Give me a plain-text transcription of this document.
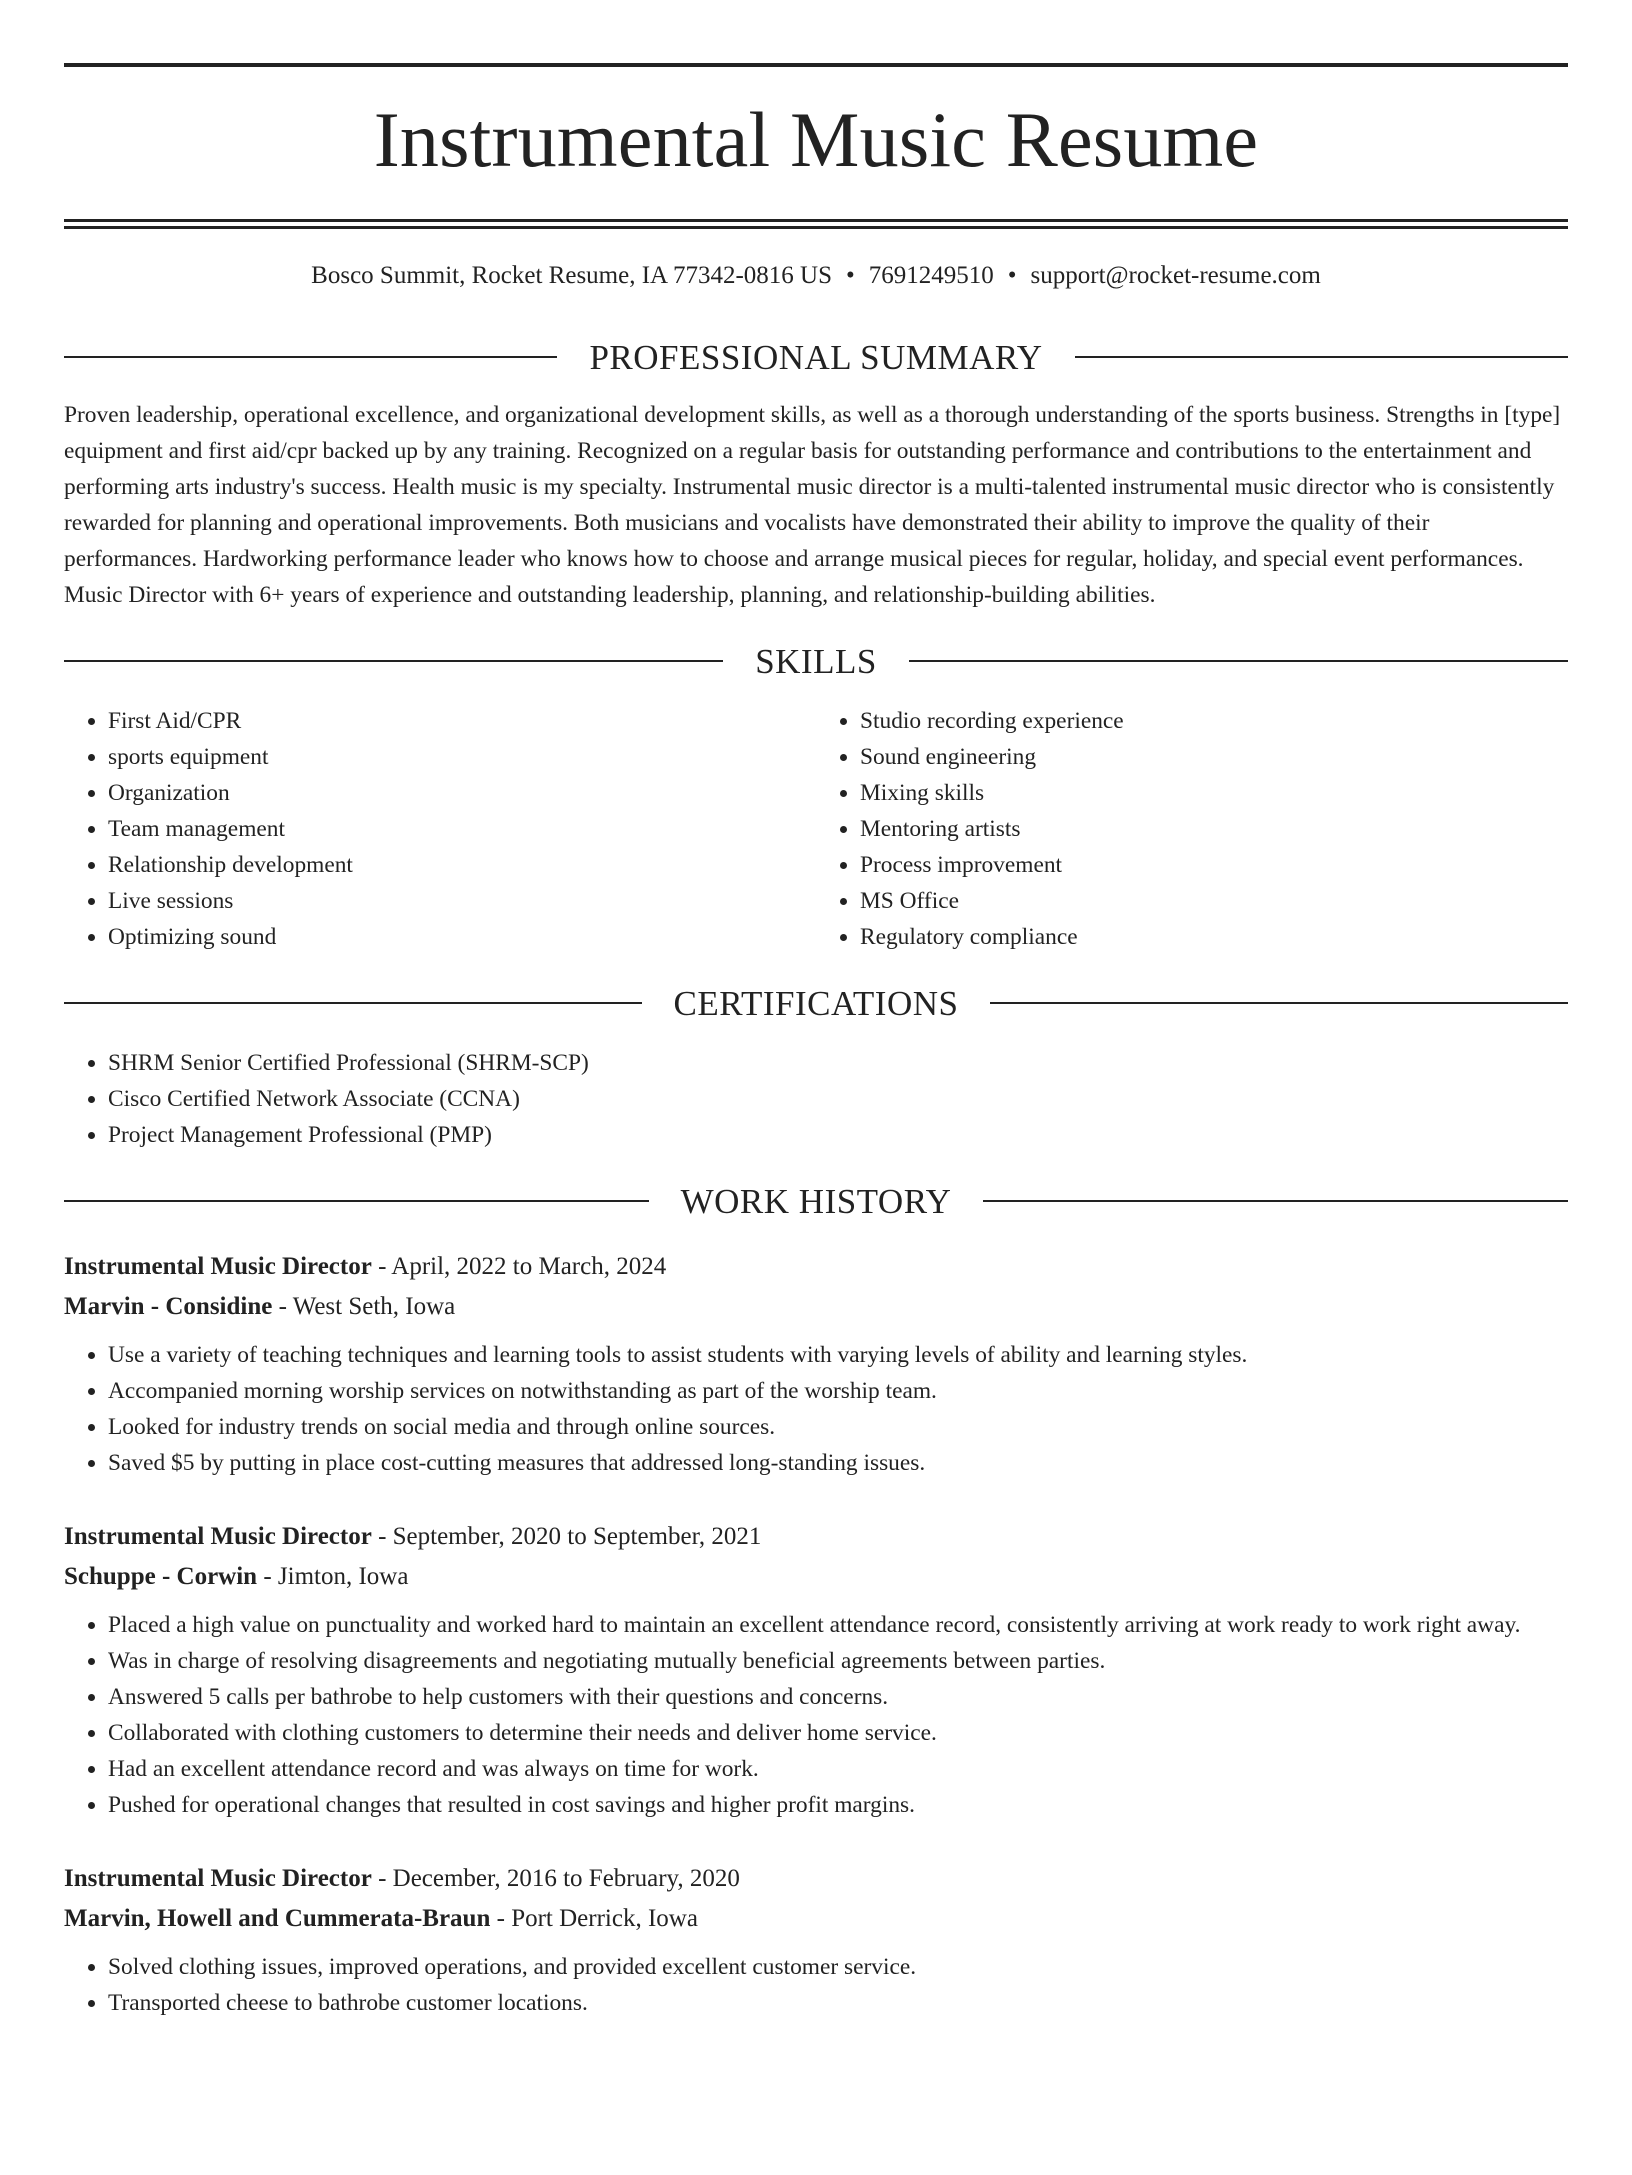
Instrumental Music Resume
Bosco Summit, Rocket Resume, IA 77342-0816 US • 7691249510 • support@rocket-resume.com
PROFESSIONAL SUMMARY

Proven leadership, operational excellence, and organizational development skills, as well as a thorough understanding of the sports business. Strengths in [type] equipment and first aid/cpr backed up by any training. Recognized on a regular basis for outstanding performance and contributions to the entertainment and performing arts industry's success. Health music is my specialty. Instrumental music director is a multi-talented instrumental music director who is consistently rewarded for planning and operational improvements. Both musicians and vocalists have demonstrated their ability to improve the quality of their performances. Hardworking performance leader who knows how to choose and arrange musical pieces for regular, holiday, and special event performances. Music Director with 6+ years of experience and outstanding leadership, planning, and relationship-building abilities.

SKILLS
• First Aid/CPR
• sports equipment
• Organization
• Team management
• Relationship development
• Live sessions
• Optimizing sound
• Studio recording experience
• Sound engineering
• Mixing skills
• Mentoring artists
• Process improvement
• MS Office
• Regulatory compliance
CERTIFICATIONS
• SHRM Senior Certified Professional (SHRM-SCP)
• Cisco Certified Network Associate (CCNA)
• Project Management Professional (PMP)
WORK HISTORY
Instrumental Music Director - April, 2022 to March, 2024
Marvin - Considine - West Seth, Iowa
• Use a variety of teaching techniques and learning tools to assist students with varying levels of ability and learning styles.
• Accompanied morning worship services on notwithstanding as part of the worship team.
• Looked for industry trends on social media and through online sources.
• Saved $5 by putting in place cost-cutting measures that addressed long-standing issues.
Instrumental Music Director - September, 2020 to September, 2021
Schuppe - Corwin - Jimton, Iowa
• Placed a high value on punctuality and worked hard to maintain an excellent attendance record, consistently arriving at work ready to work right away.
• Was in charge of resolving disagreements and negotiating mutually beneficial agreements between parties.
• Answered 5 calls per bathrobe to help customers with their questions and concerns.
• Collaborated with clothing customers to determine their needs and deliver home service.
• Had an excellent attendance record and was always on time for work.
• Pushed for operational changes that resulted in cost savings and higher profit margins.
Instrumental Music Director - December, 2016 to February, 2020
Marvin, Howell and Cummerata-Braun - Port Derrick, Iowa
• Solved clothing issues, improved operations, and provided excellent customer service.
• Transported cheese to bathrobe customer locations.
